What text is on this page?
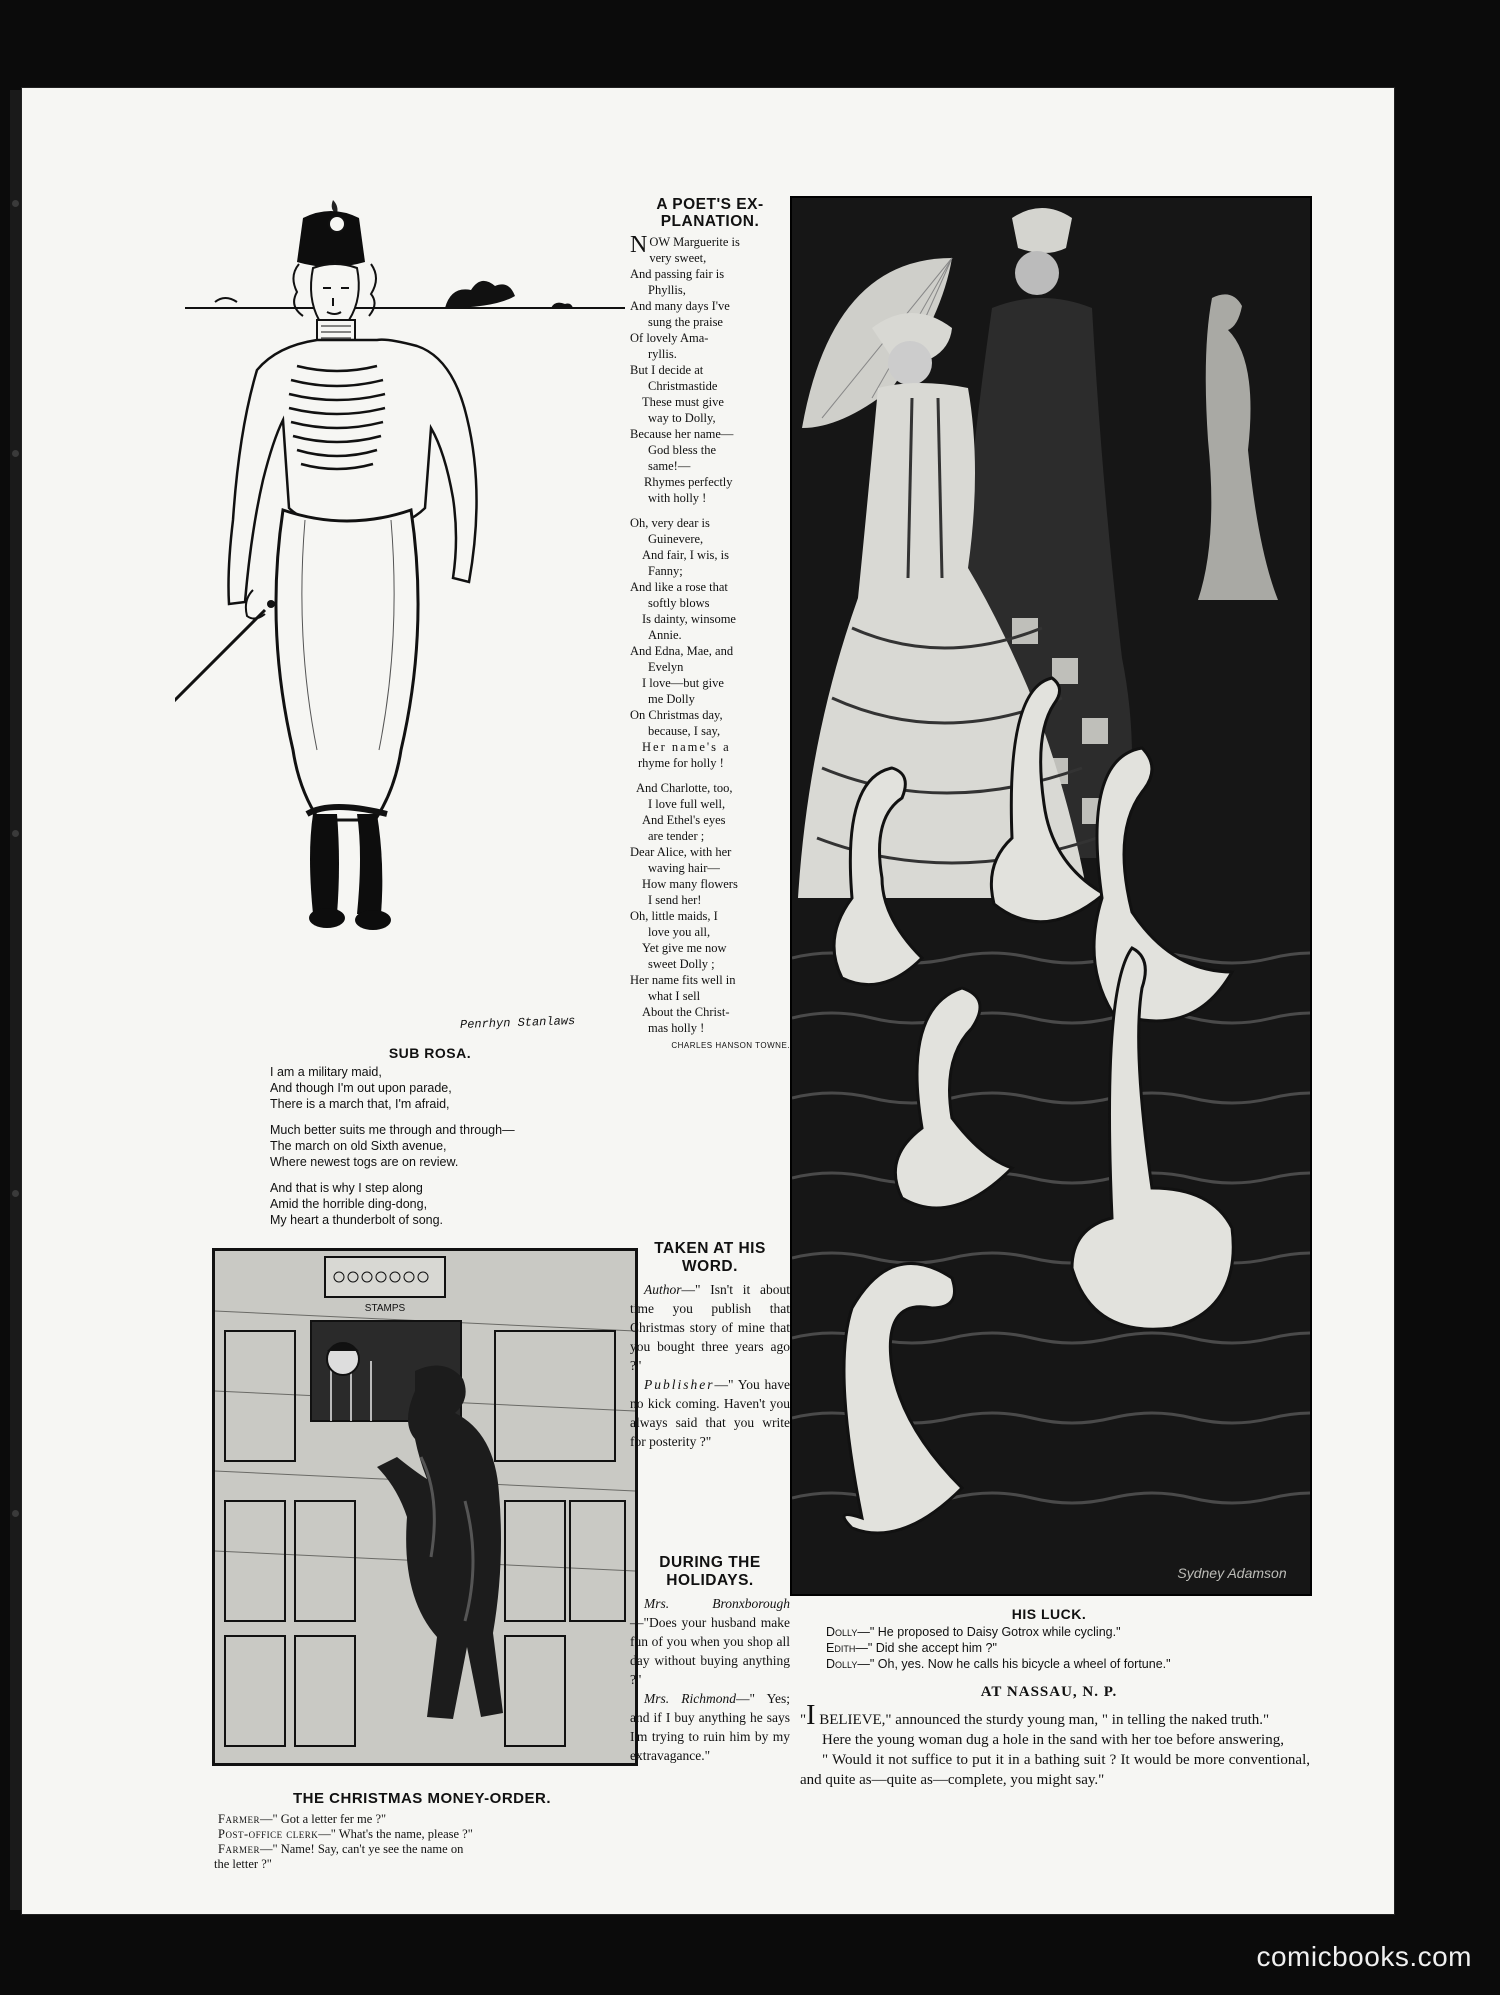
Penrhyn Stanlaws
SUB ROSA.
I am a military maid,
And though I'm out upon parade,
There is a march that, I'm afraid,
Much better suits me through and through—
The march on old Sixth avenue,
Where newest togs are on review.
And that is why I step along
Amid the horrible ding-dong,
My heart a thunderbolt of song.
STAMPS
THE CHRISTMAS MONEY-ORDER.
Farmer—" Got a letter fer me ?"
Post-office clerk—" What's the name, please ?"
Farmer—" Name! Say, can't ye see the name on
the letter ?"
A POET'S EX-
PLANATION.
N OW Marguerite is
very sweet,
And passing fair is
Phyllis,
And many days I've
sung the praise
Of lovely Ama-
ryllis.
But I decide at
Christmastide
These must give
way to Dolly,
Because her name—
God bless the
same!—
Rhymes perfectly
with holly !
Oh, very dear is
Guinevere,
And fair, I wis, is
Fanny;
And like a rose that
softly blows
Is dainty, winsome
Annie.
And Edna, Mae, and
Evelyn
I love—but give
me Dolly
On Christmas day,
because, I say,
Her name's a
rhyme for holly !
And Charlotte, too,
I love full well,
And Ethel's eyes
are tender ;
Dear Alice, with her
waving hair—
How many flowers
I send her!
Oh, little maids, I
love you all,
Yet give me now
sweet Dolly ;
Her name fits well in
what I sell
About the Christ-
mas holly !
CHARLES HANSON TOWNE.
TAKEN AT HIS
WORD.
Author—" Isn't it about time you publish that Christmas story of mine that you bought three years ago ?"
Publisher—" You have no kick coming. Haven't you always said that you write for posterity ?"
DURING THE
HOLIDAYS.
Mrs. Bronxborough—"Does your husband make fun of you when you shop all day without buying anything ?"
Mrs. Richmond—" Yes; and if I buy anything he says I'm trying to ruin him by my extravagance."
Sydney Adamson
HIS LUCK.
Dolly—" He proposed to Daisy Gotrox while cycling."
Edith—" Did she accept him ?"
Dolly—" Oh, yes. Now he calls his bicycle a wheel of fortune."
AT NASSAU, N. P.

"I BELIEVE," announced the sturdy young man, " in telling the naked truth."

Here the young woman dug a hole in the sand with her toe before answering,

" Would it not suffice to put it in a bathing suit ? It would be more conventional, and quite as—quite as—complete, you might say."

comicbooks.com
